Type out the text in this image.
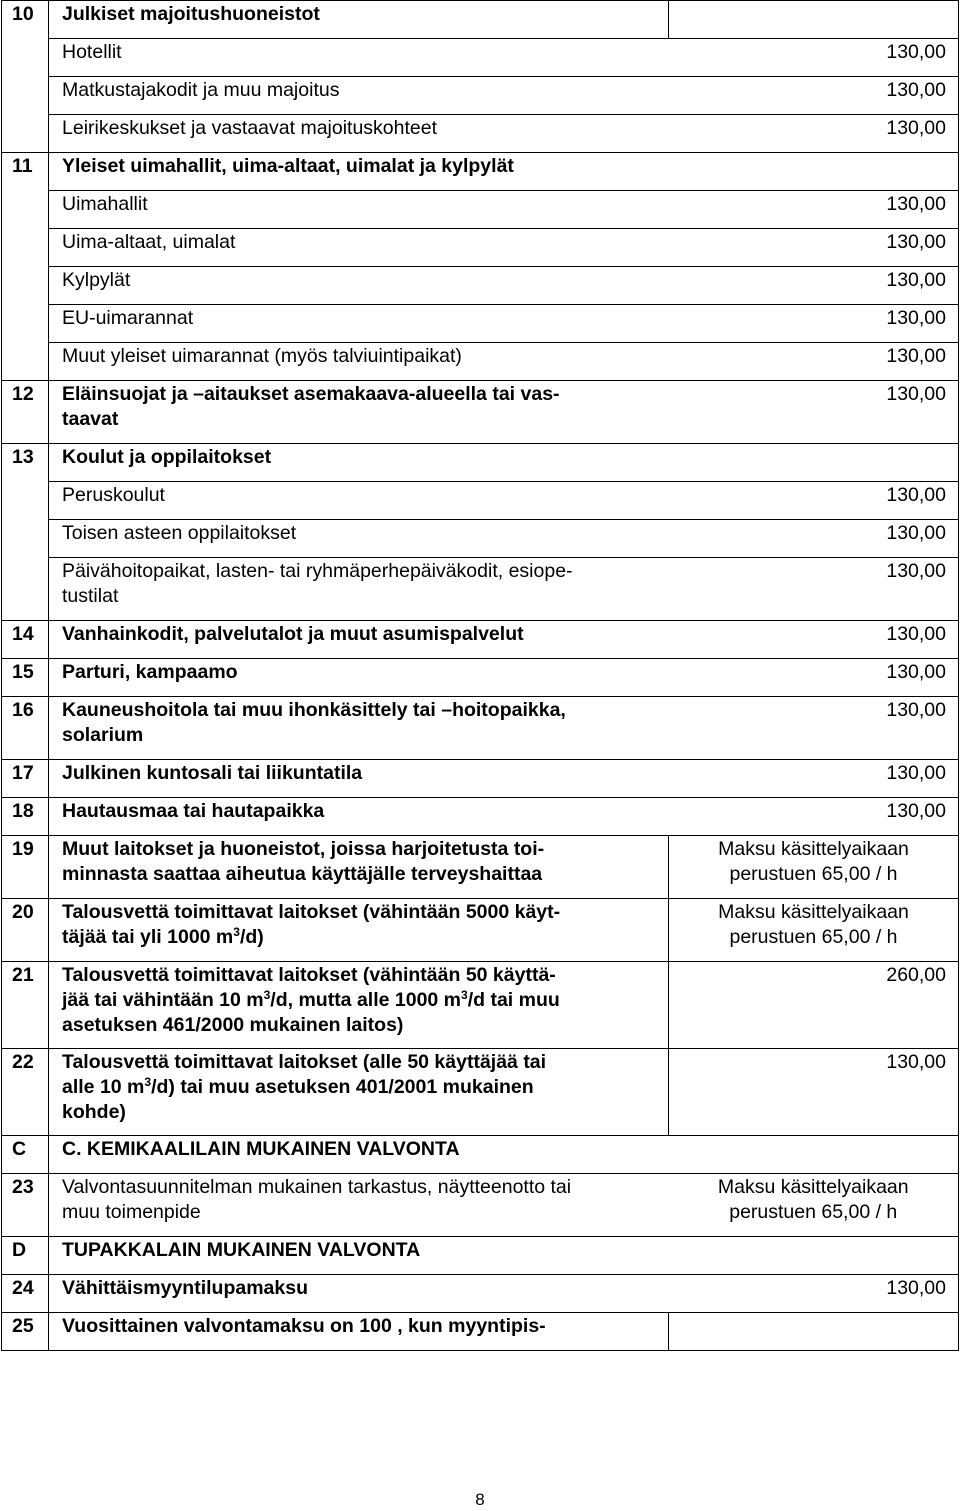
10	Julkiset majoitushuoneistot	
	Hotellit	130,00
	Matkustajakodit ja muu majoitus	130,00
	Leirikeskukset ja vastaavat majoituskohteet	130,00
11	Yleiset uimahallit, uima-altaat, uimalat ja kylpylät	
	Uimahallit	130,00
	Uima-altaat, uimalat	130,00
	Kylpylät	130,00
	EU-uimarannat	130,00
	Muut yleiset uimarannat (myös talviuintipaikat)	130,00
12	Eläinsuojat ja –aitaukset asemakaava-alueella tai vas-
taavat	130,00
13	Koulut ja oppilaitokset	
	Peruskoulut	130,00
	Toisen asteen oppilaitokset	130,00

	Päivähoitopaikat, lasten- tai ryhmäperhepäiväkodit, esiope-
tustilat	130,00
14	Vanhainkodit, palvelutalot ja muut asumispalvelut	130,00
15	Parturi, kampaamo	130,00
16	Kauneushoitola tai muu ihonkäsittely tai –hoitopaikka,
solarium	130,00
17	Julkinen kuntosali tai liikuntatila	130,00
18	Hautausmaa tai hautapaikka	130,00
19	Muut laitokset ja huoneistot, joissa harjoitetusta toi-
minnasta saattaa aiheutua käyttäjälle terveyshaittaa	Maksu käsittelyaikaan
perustuen 65,00 / h

20	Talousvettä toimittavat laitokset (vähintään 5000 käyt-
täjää tai yli 1000 $m^3/d$)	Maksu käsittelyaikaan
perustuen 65,00 / h

21	Talousvettä toimittavat laitokset (vähintään 50 käyttä-
jää tai vähintään 10 $m^3/d$, mutta alle 1000 $m^3/d$ tai muu
asetuksen 461/2000 mukainen laitos)	260,00
22	Talousvettä toimittavat laitokset (alle 50 käyttäjää tai
alle 10 $m^3/d$) tai muu asetuksen 401/2001 mukainen
kohde)	130,00
C	C. KEMIKAALILAIN MUKAINEN VALVONTA	
23	Valvontasuunnitelman mukainen tarkastus, näytteenotto tai
muu toimenpide	Maksu käsittelyaikaan
perustuen 65,00 / h

D	TUPAKKALAIN MUKAINEN VALVONTA	
24	Vähittäismyyntilupamaksu	130,00
25	Vuosittainen valvontamaksu on 100 , kun myyntipis-	
8
